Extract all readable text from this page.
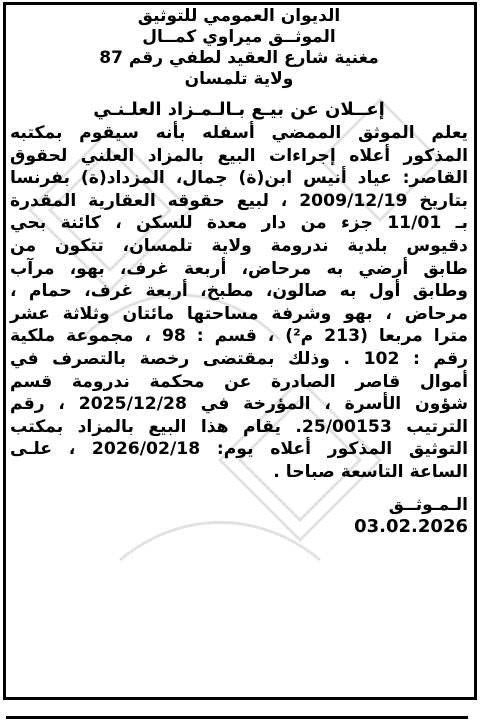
الديوان العمومي للتوثيق
الموثــق ميراوي كمــال
مغنية شارع العقيد لطفي رقم 87
ولاية تلمسان
إعــلان عن بيـع بـالـمـزاد العلـنـي
يعلم الموثق الممضي أسفله بأنه سيقوم بمكتبه
المذكور أعلاه إجراءات البيع بالمزاد العلني لحقوق
القاصر: عياد أنيس ابن(ة) جمال، المزداد(ة) بفرنسا
بتاريخ 2009/12/19 ، لبيع حقوقه العقارية المقدرة
بـ 11/01 جزء من دار معدة للسكن ، كائنة بحي
دقيوس بلدية ندرومة ولاية تلمسان، تتكون من
طابق أرضي به مرحاض، أربعة غرف، بهو، مرآب
وطابق أول به صالون، مطبخ، أربعة غرف، حمام ،
مرحاض ، بهو وشرفة مساحتها مائتان وثلاثة عشر
مترا مربعا (213 م²) ، قسم : 98 ، مجموعة ملكية
رقم : 102 . وذلك بمقتضى رخصة بالتصرف في
أموال قاصر الصادرة عن محكمة ندرومة قسم
شؤون الأسرة ، المؤرخة في 2025/12/28 ، رقم
الترتيب 25/00153. يقام هذا البيع بالمزاد بمكتب
التوثيق المذكور أعلاه يوم: 2026/02/18 ، علـى
الساعة التاسعة صباحا .
الـمـوثــق
03.02.2026
